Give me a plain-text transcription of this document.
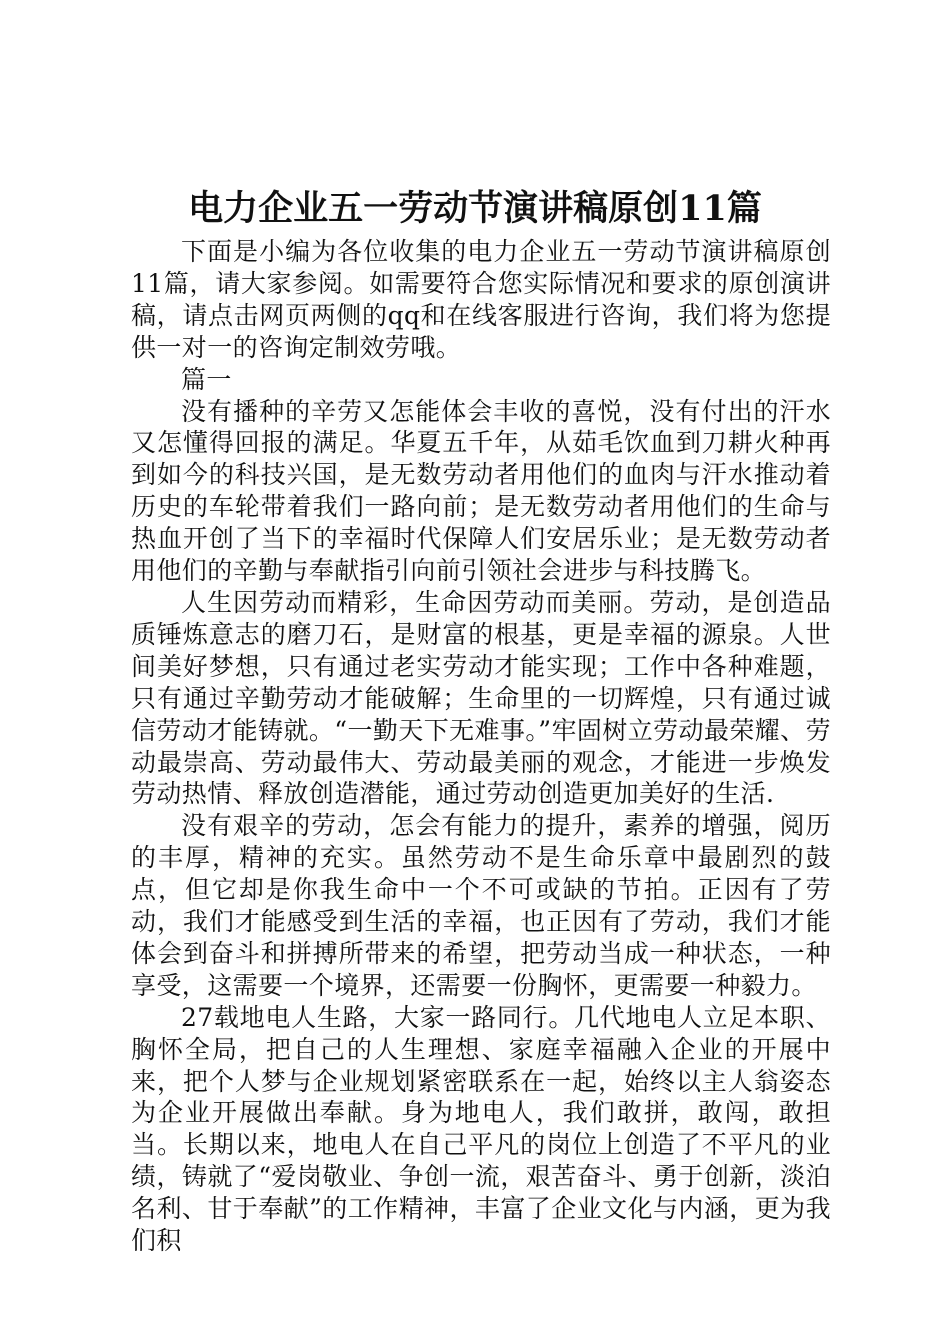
电力企业五一劳动节演讲稿原创11篇

下面是小编为各位收集的电力企业五一劳动节演讲稿原创11篇，请大家参阅。如需要符合您实际情况和要求的原创演讲稿，请点击网页两侧的qq和在线客服进行咨询，我们将为您提供一对一的咨询定制效劳哦。

篇一

没有播种的辛劳又怎能体会丰收的喜悦，没有付出的汗水又怎懂得回报的满足。华夏五千年，从茹毛饮血到刀耕火种再到如今的科技兴国，是无数劳动者用他们的血肉与汗水推动着历史的车轮带着我们一路向前；是无数劳动者用他们的生命与热血开创了当下的幸福时代保障人们安居乐业；是无数劳动者用他们的辛勤与奉献指引向前引领社会进步与科技腾飞。

人生因劳动而精彩，生命因劳动而美丽。劳动，是创造品质锤炼意志的磨刀石，是财富的根基，更是幸福的源泉。人世间美好梦想，只有通过老实劳动才能实现；工作中各种难题，只有通过辛勤劳动才能破解；生命里的一切辉煌，只有通过诚信劳动才能铸就。“一勤天下无难事。”牢固树立劳动最荣耀、劳动最崇高、劳动最伟大、劳动最美丽的观念，才能进一步焕发劳动热情、释放创造潜能，通过劳动创造更加美好的生活.

没有艰辛的劳动，怎会有能力的提升，素养的增强，阅历的丰厚，精神的充实。虽然劳动不是生命乐章中最剧烈的鼓点，但它却是你我生命中一个不可或缺的节拍。正因有了劳动，我们才能感受到生活的幸福，也正因有了劳动，我们才能体会到奋斗和拼搏所带来的希望，把劳动当成一种状态，一种享受，这需要一个境界，还需要一份胸怀，更需要一种毅力。

27载地电人生路，大家一路同行。几代地电人立足本职、胸怀全局，把自己的人生理想、家庭幸福融入企业的开展中来，把个人梦与企业规划紧密联系在一起，始终以主人翁姿态为企业开展做出奉献。身为地电人，我们敢拼，敢闯，敢担当。长期以来，地电人在自己平凡的岗位上创造了不平凡的业绩，铸就了“爱岗敬业、争创一流，艰苦奋斗、勇于创新，淡泊名利、甘于奉献”的工作精神，丰富了企业文化与内涵，更为我们积
